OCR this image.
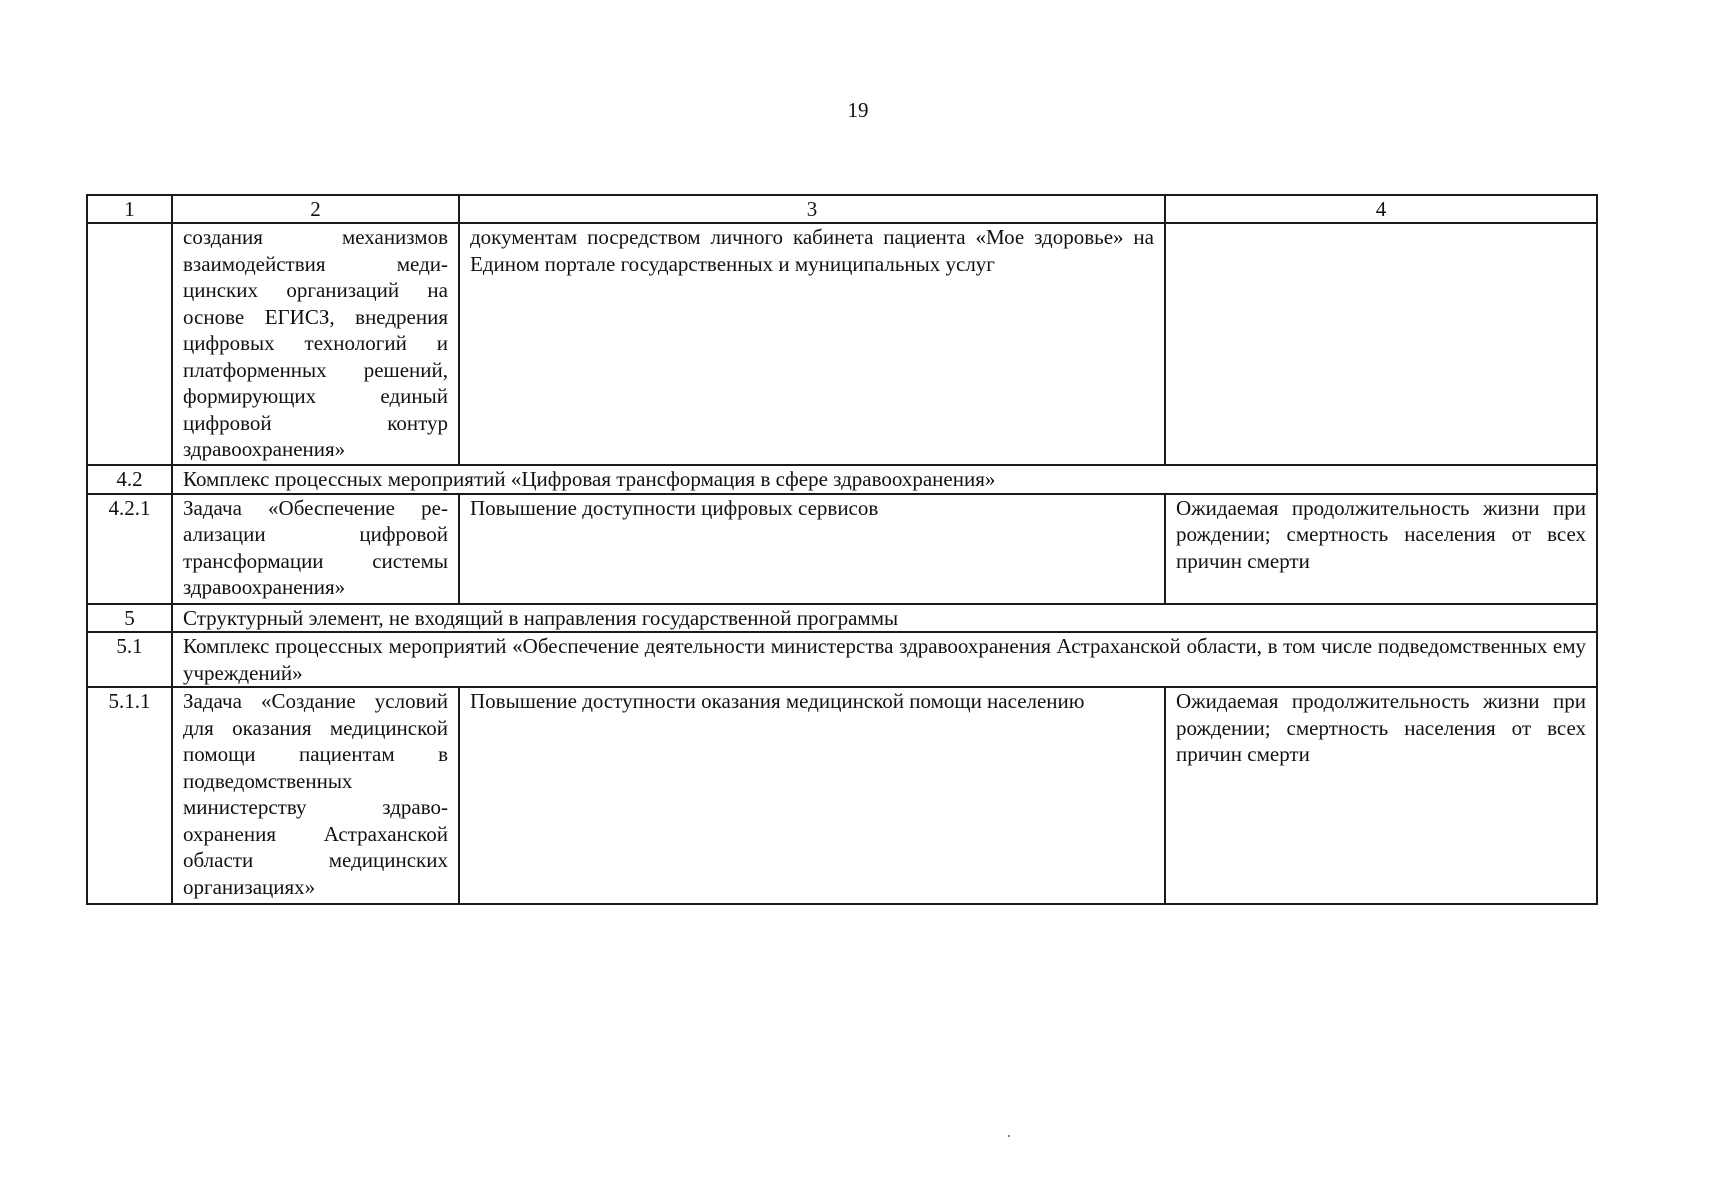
19
1	2	3	4
	создания механизмов взаимодействия медицинских организаций на основе ЕГИСЗ, внедрения цифровых технологий и платформенных решений, формирующих единый цифровой контур здравоохранения»	документам посредством личного кабинета пациента «Мое здоровье» на Едином портале государственных и муниципальных услуг	
4.2	Комплекс процессных мероприятий «Цифровая трансформация в сфере здравоохранения»		
4.2.1	Задача «Обеспечение реализации цифровой трансформации системы здравоохранения»	Повышение доступности цифровых сервисов	Ожидаемая продолжительность жизни при рождении; смертность населения от всех причин смерти
5	Структурный элемент, не входящий в направления государственной программы		
5.1	Комплекс процессных мероприятий «Обеспечение деятельности министерства здравоохранения Астраханской области, в том числе подведомственных ему учреждений»		
5.1.1	Задача «Создание условий для оказания медицинской помощи пациентам в подведомственных министерству здравоохранения Астраханской области медицинских организациях»	Повышение доступности оказания медицинской помощи населению	Ожидаемая продолжительность жизни при рождении; смертность населения от всех причин смерти
